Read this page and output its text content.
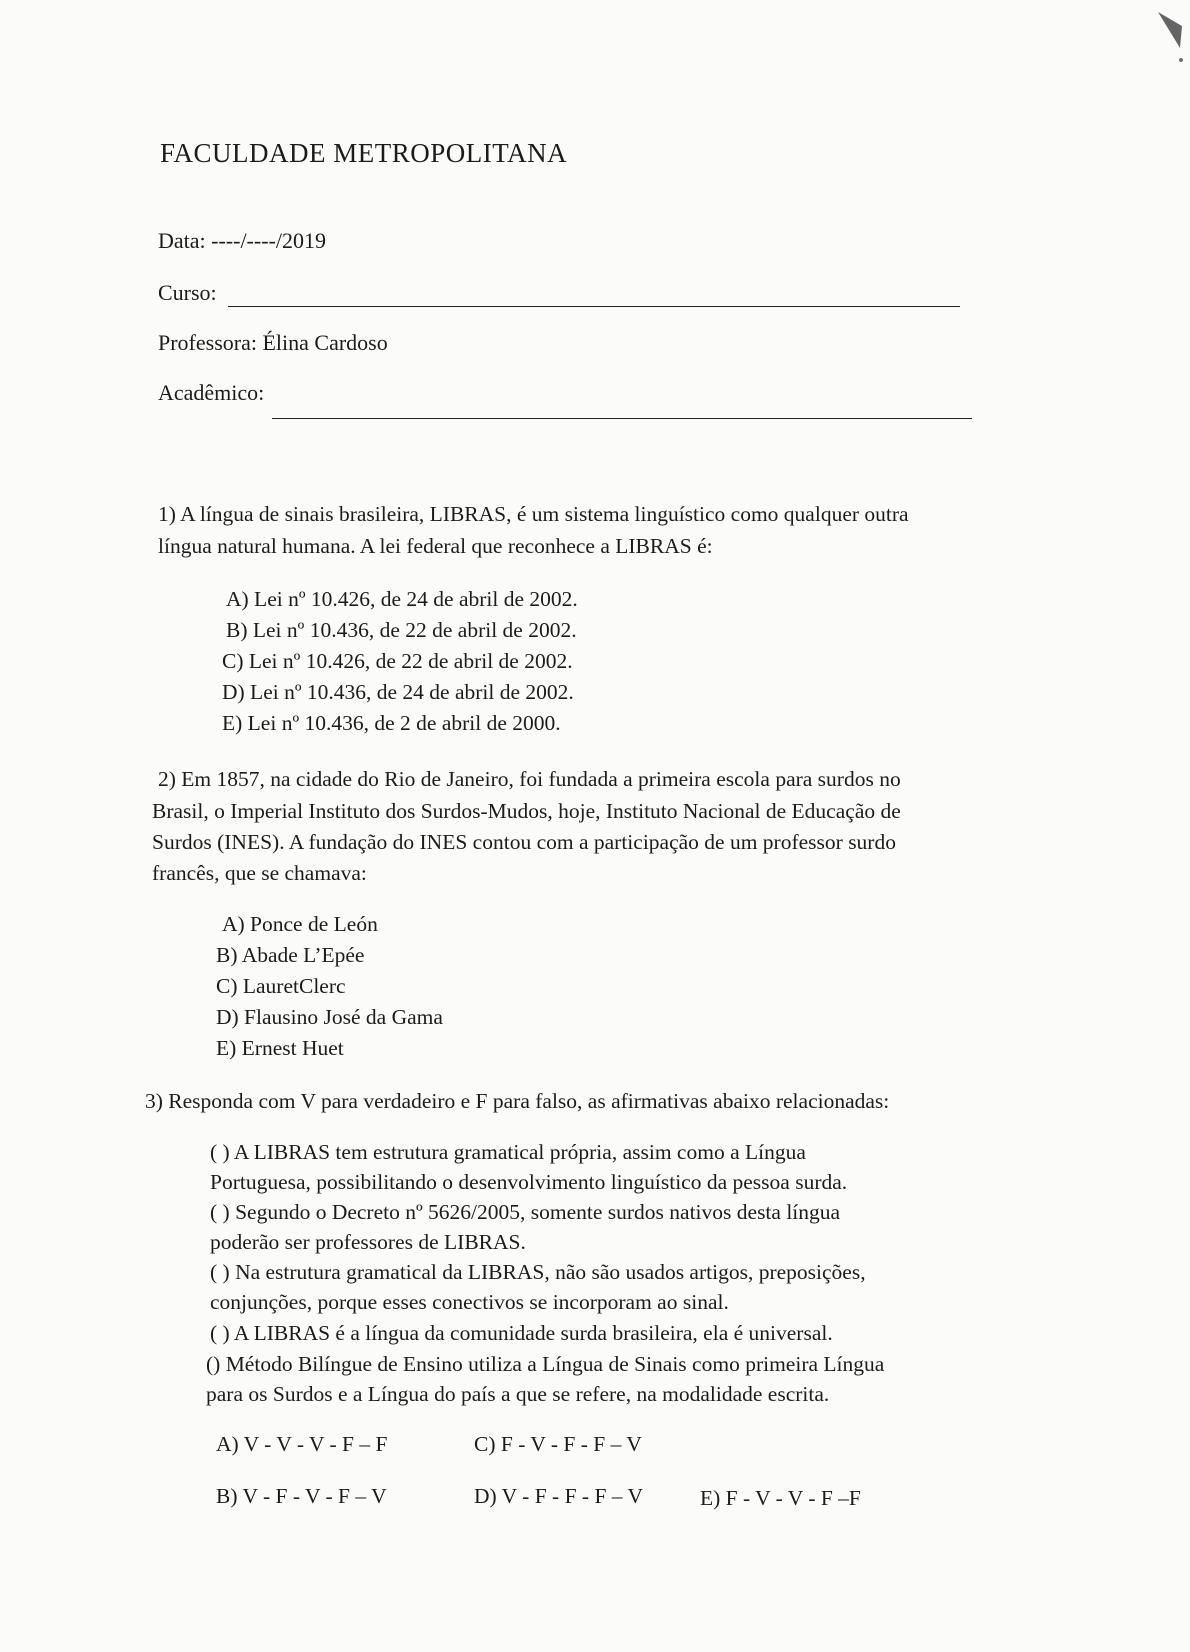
FACULDADE METROPOLITANA
Data: ----/----/2019
Curso:
Professora: Élina Cardoso
Acadêmico:
1) A língua de sinais brasileira, LIBRAS, é um sistema linguístico como qualquer outra
língua natural humana. A lei federal que reconhece a LIBRAS é:
A) Lei nº 10.426, de 24 de abril de 2002.
B) Lei nº 10.436, de 22 de abril de 2002.
C) Lei nº 10.426, de 22 de abril de 2002.
D) Lei nº 10.436, de 24 de abril de 2002.
E) Lei nº 10.436, de 2 de abril de 2000.
2) Em 1857, na cidade do Rio de Janeiro, foi fundada a primeira escola para surdos no
Brasil, o Imperial Instituto dos Surdos-Mudos, hoje, Instituto Nacional de Educação de
Surdos (INES). A fundação do INES contou com a participação de um professor surdo
francês, que se chamava:
A) Ponce de León
B) Abade L’Epée
C) LauretClerc
D) Flausino José da Gama
E) Ernest Huet
3) Responda com V para verdadeiro e F para falso, as afirmativas abaixo relacionadas:
( ) A LIBRAS tem estrutura gramatical própria, assim como a Língua
Portuguesa, possibilitando o desenvolvimento linguístico da pessoa surda.
( ) Segundo o Decreto nº 5626/2005, somente surdos nativos desta língua
poderão ser professores de LIBRAS.
( ) Na estrutura gramatical da LIBRAS, não são usados artigos, preposições,
conjunções, porque esses conectivos se incorporam ao sinal.
( ) A LIBRAS é a língua da comunidade surda brasileira, ela é universal.
() Método Bilíngue de Ensino utiliza a Língua de Sinais como primeira Língua
para os Surdos e a Língua do país a que se refere, na modalidade escrita.
A) V - V - V - F – F	C) F - V - F - F – V
B) V - F - V - F – V	D) V - F - F - F – V	E) F - V - V - F –F
